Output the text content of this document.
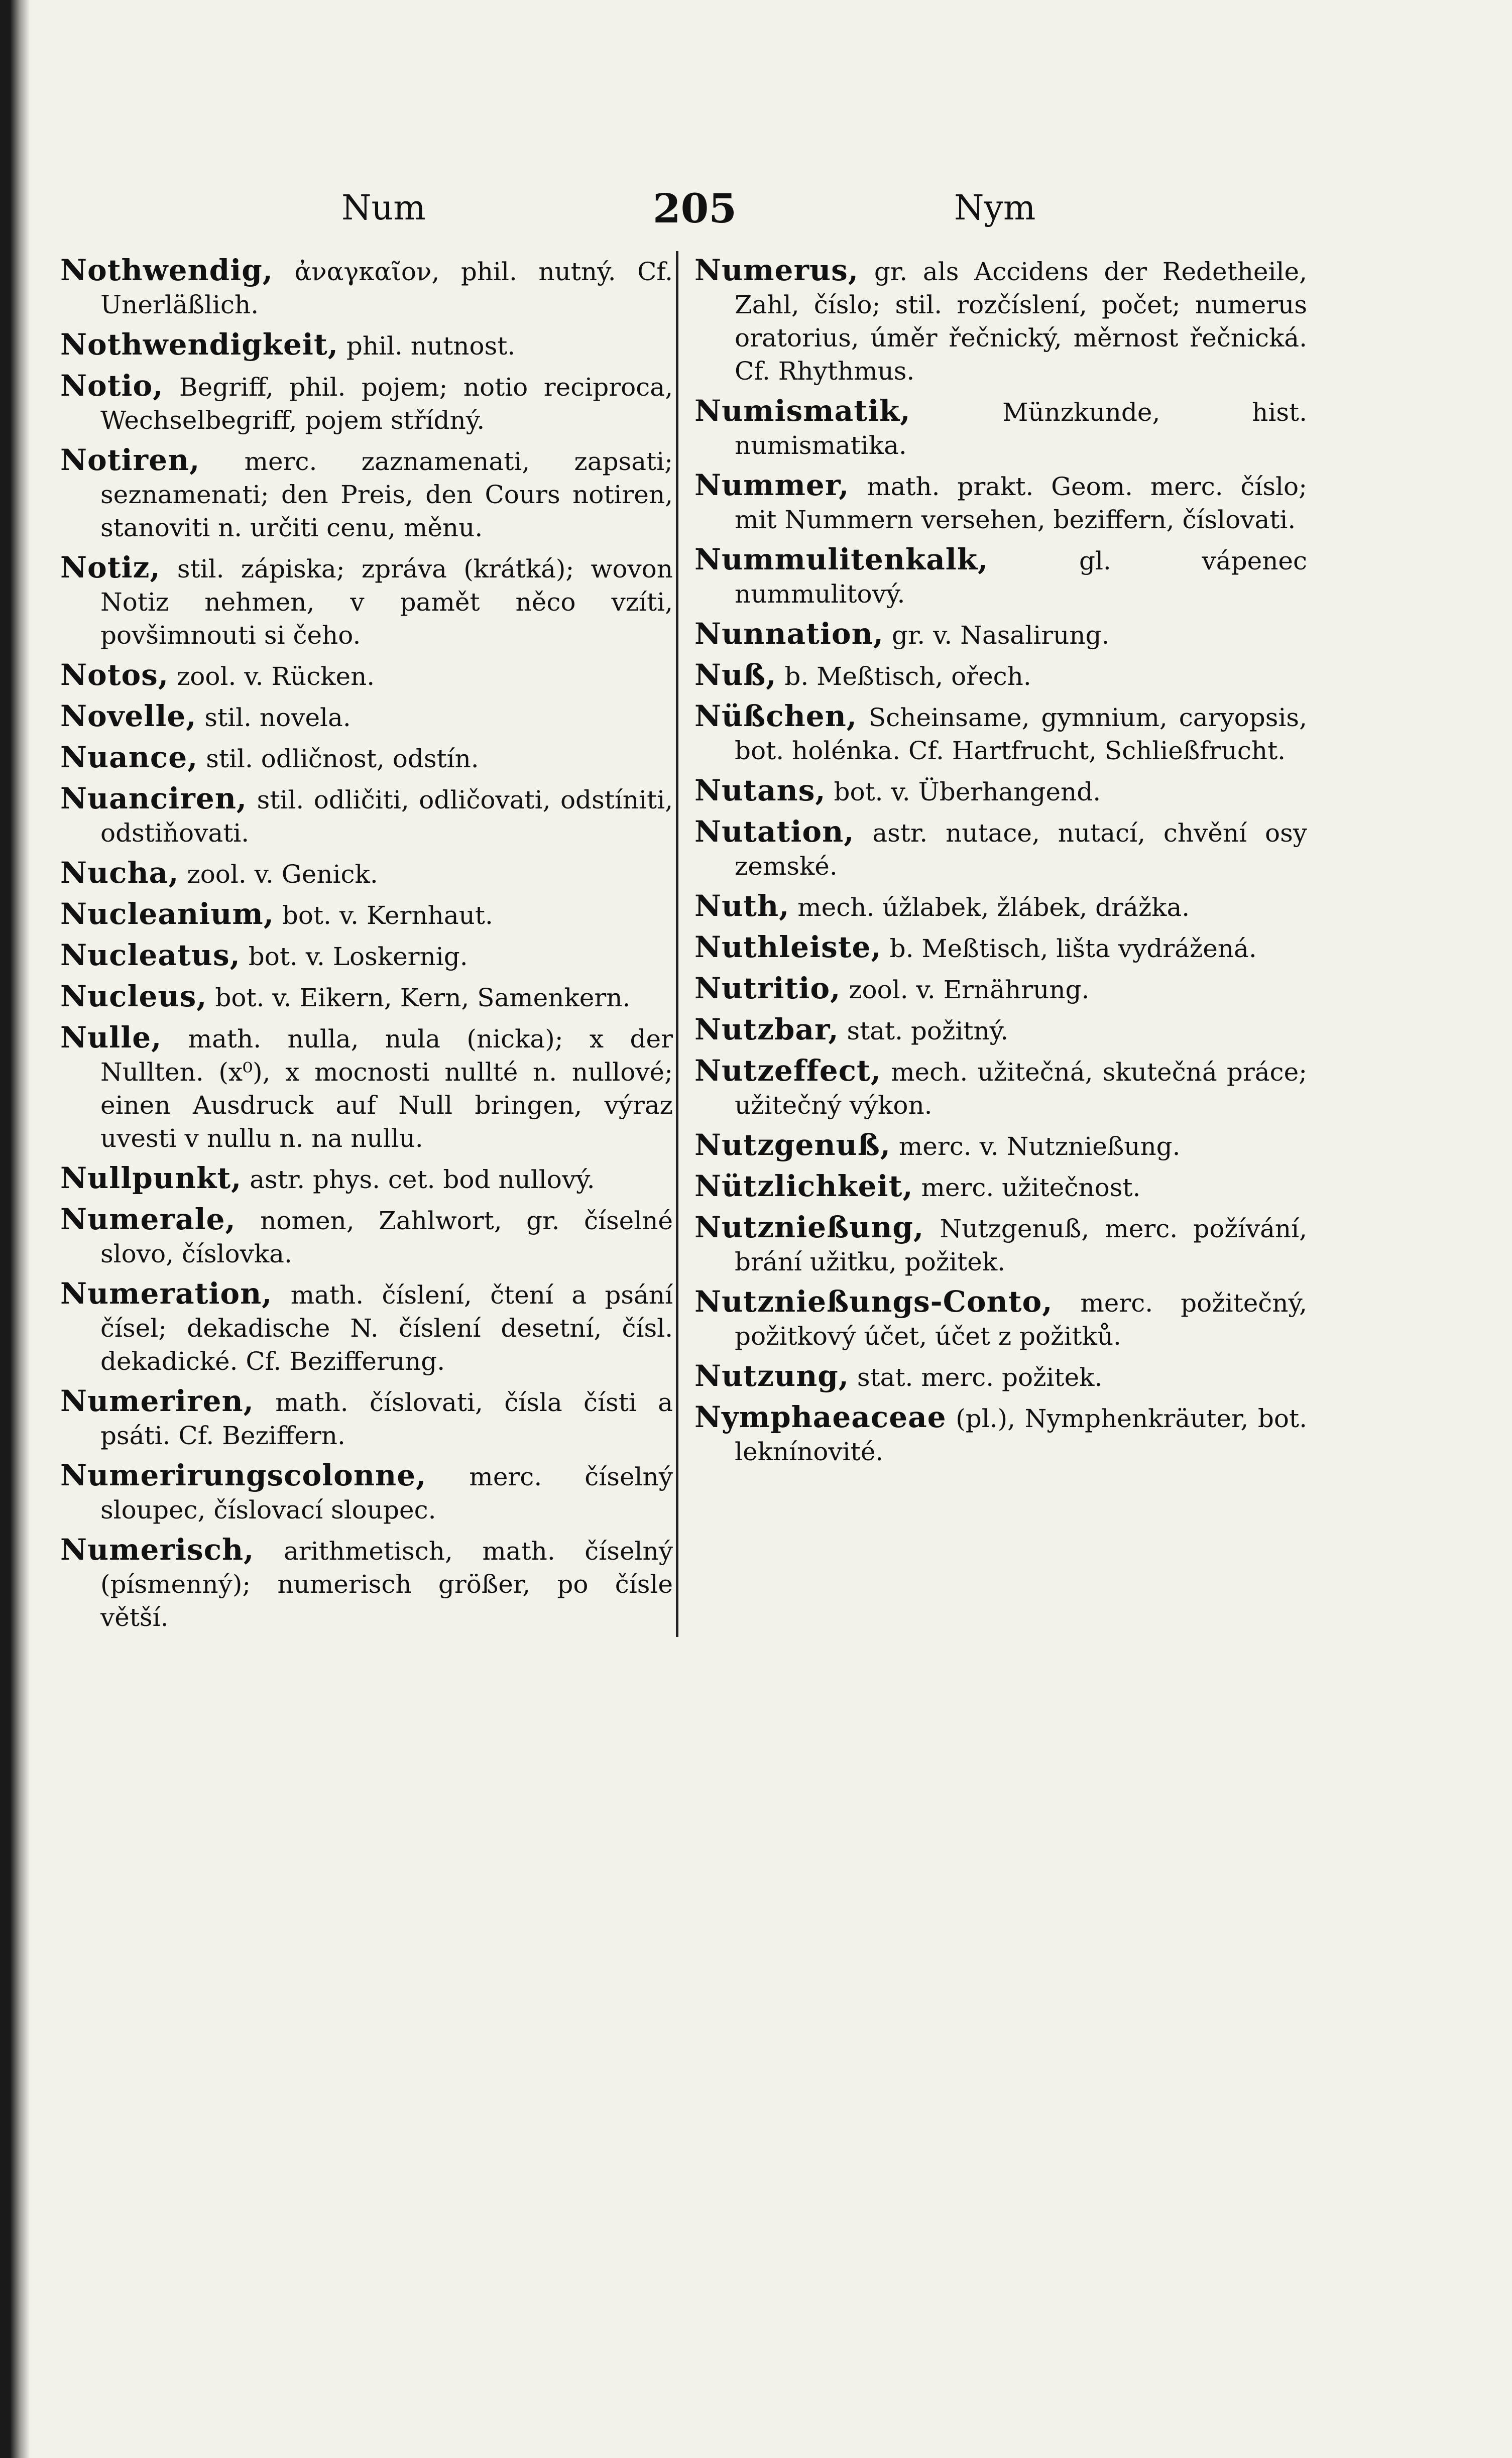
Num	205	Nym

Nothwendig, ἀναγκαῖον, phil. nutný. Cf. Unerläßlich.

Nothwendigkeit, phil. nutnost.

Notio, Begriff, phil. pojem; notio reciproca, Wechselbegriff, pojem střídný.

Notiren, merc. zaznamenati, zapsati; seznamenati; den Preis, den Cours notiren, stanoviti n. určiti cenu, měnu.

Notiz, stil. zápiska; zpráva (krátká); wovon Notiz nehmen, v pamět něco vzíti, povšimnouti si čeho.

Notos, zool. v. Rücken.

Novelle, stil. novela.

Nuance, stil. odličnost, odstín.

Nuanciren, stil. odličiti, odličovati, odstíniti, odstiňovati.

Nucha, zool. v. Genick.

Nucleanium, bot. v. Kernhaut.

Nucleatus, bot. v. Loskernig.

Nucleus, bot. v. Eikern, Kern, Samenkern.

Nulle, math. nulla, nula (nicka); x der Nullten. (x⁰), x mocnosti nullté n. nullové; einen Ausdruck auf Null bringen, výraz uvesti v nullu n. na nullu.

Nullpunkt, astr. phys. cet. bod nullový.

Numerale, nomen, Zahlwort, gr. číselné slovo, číslovka.

Numeration, math. číslení, čtení a psání čísel; dekadische N. číslení desetní, čísl. dekadické. Cf. Bezifferung.

Numeriren, math. číslovati, čísla čísti a psáti. Cf. Beziffern.

Numerirungscolonne, merc. číselný sloupec, číslovací sloupec.

Numerisch, arithmetisch, math. číselný (písmenný); numerisch größer, po čísle větší.

Numerus, gr. als Accidens der Redetheile, Zahl, číslo; stil. rozčíslení, počet; numerus oratorius, úměr řečnický, měrnost řečnická. Cf. Rhythmus.

Numismatik,	Münzkunde, hist. numismatika.

Nummer, math. prakt. Geom. merc. číslo; mit Nummern versehen, beziffern, číslovati.

Nummulitenkalk,	gl. vápenec nummulitový.

Nunnation, gr. v. Nasalirung.

Nuß, b. Meßtisch, ořech.

Nüßchen, Scheinsame, gymnium, caryopsis, bot. holénka. Cf. Hartfrucht, Schließfrucht.

Nutans, bot. v. Überhangend.

Nutation, astr. nutace, nutací, chvění osy zemské.

Nuth, mech. úžlabek, žlábek, drážka.

Nuthleiste, b. Meßtisch, lišta vydrážená.

Nutritio, zool. v. Ernährung.

Nutzbar, stat. požitný.

Nutzeffect, mech. užitečná, skutečná práce; užitečný výkon.

Nutzgenuß, merc. v. Nutznießung.

Nützlichkeit, merc. užitečnost.

Nutznießung, Nutzgenuß, merc. požívání, brání užitku, požitek.

Nutznießungs-Conto, merc. požitečný, požitkový účet, účet z požitků.

Nutzung, stat. merc. požitek.

Nymphaeaceae (pl.), Nymphenkräuter, bot. leknínovité.
